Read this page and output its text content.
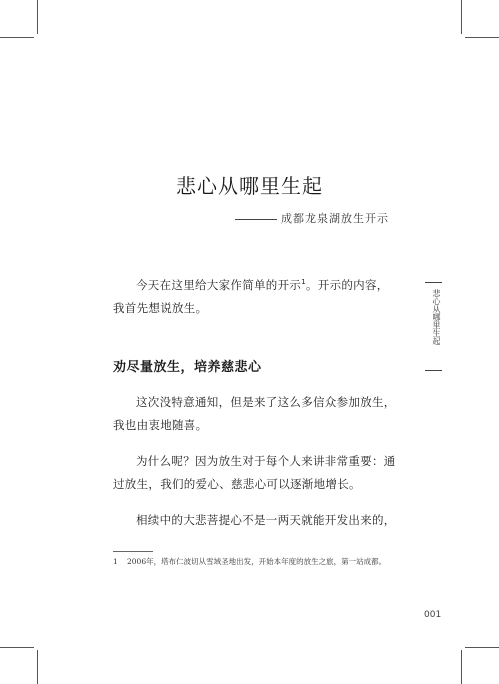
悲心从哪里生起
成都龙泉湖放生开示
今天在这里给大家作简单的开示$^1$。开示的内容，我首先想说放生。
劝尽量放生，培养慈悲心
这次没特意通知，但是来了这么多信众参加放生，我也由衷地随喜。
为什么呢？因为放生对于每个人来讲非常重要：通过放生，我们的爱心、慈悲心可以逐渐地增长。
相续中的大悲菩提心不是一两天就能开发出来的，
悲心从哪里生起
1 2006年，塔布仁波切从雪域圣地出发，开始本年度的放生之旅，第一站成都。
001
